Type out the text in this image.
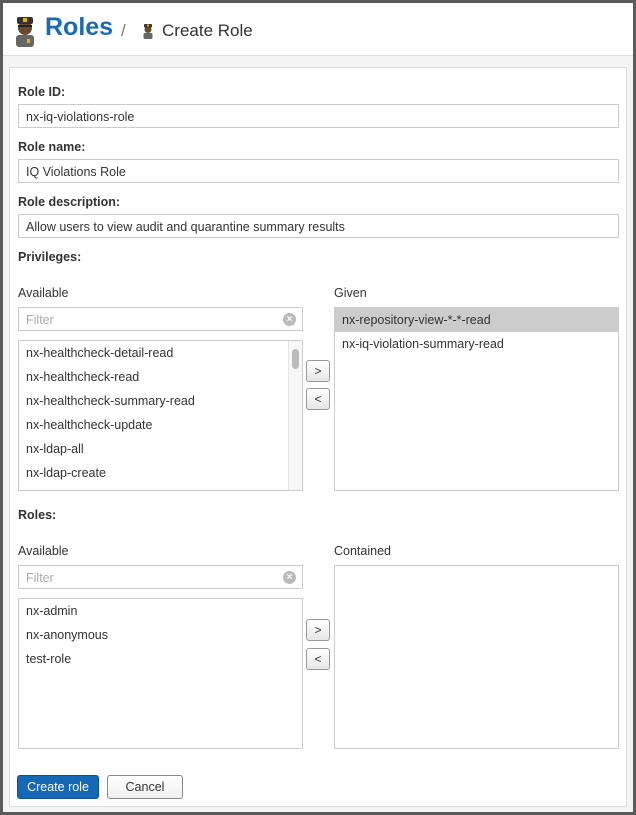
Roles / Create Role
Role ID:
nx-iq-violations-role
Role name:
IQ Violations Role
Role description:
Allow users to view audit and quarantine summary results
Privileges:
Available	Given
Filter	×
nx-healthcheck-detail-read
nx-healthcheck-read
nx-healthcheck-summary-read
nx-healthcheck-update
nx-ldap-all
nx-ldap-create
>
<
nx-repository-view-*-*-read
nx-iq-violation-summary-read
Roles:
Available	Contained
Filter	×
nx-admin
nx-anonymous
test-role
>
<
Create role	Cancel
